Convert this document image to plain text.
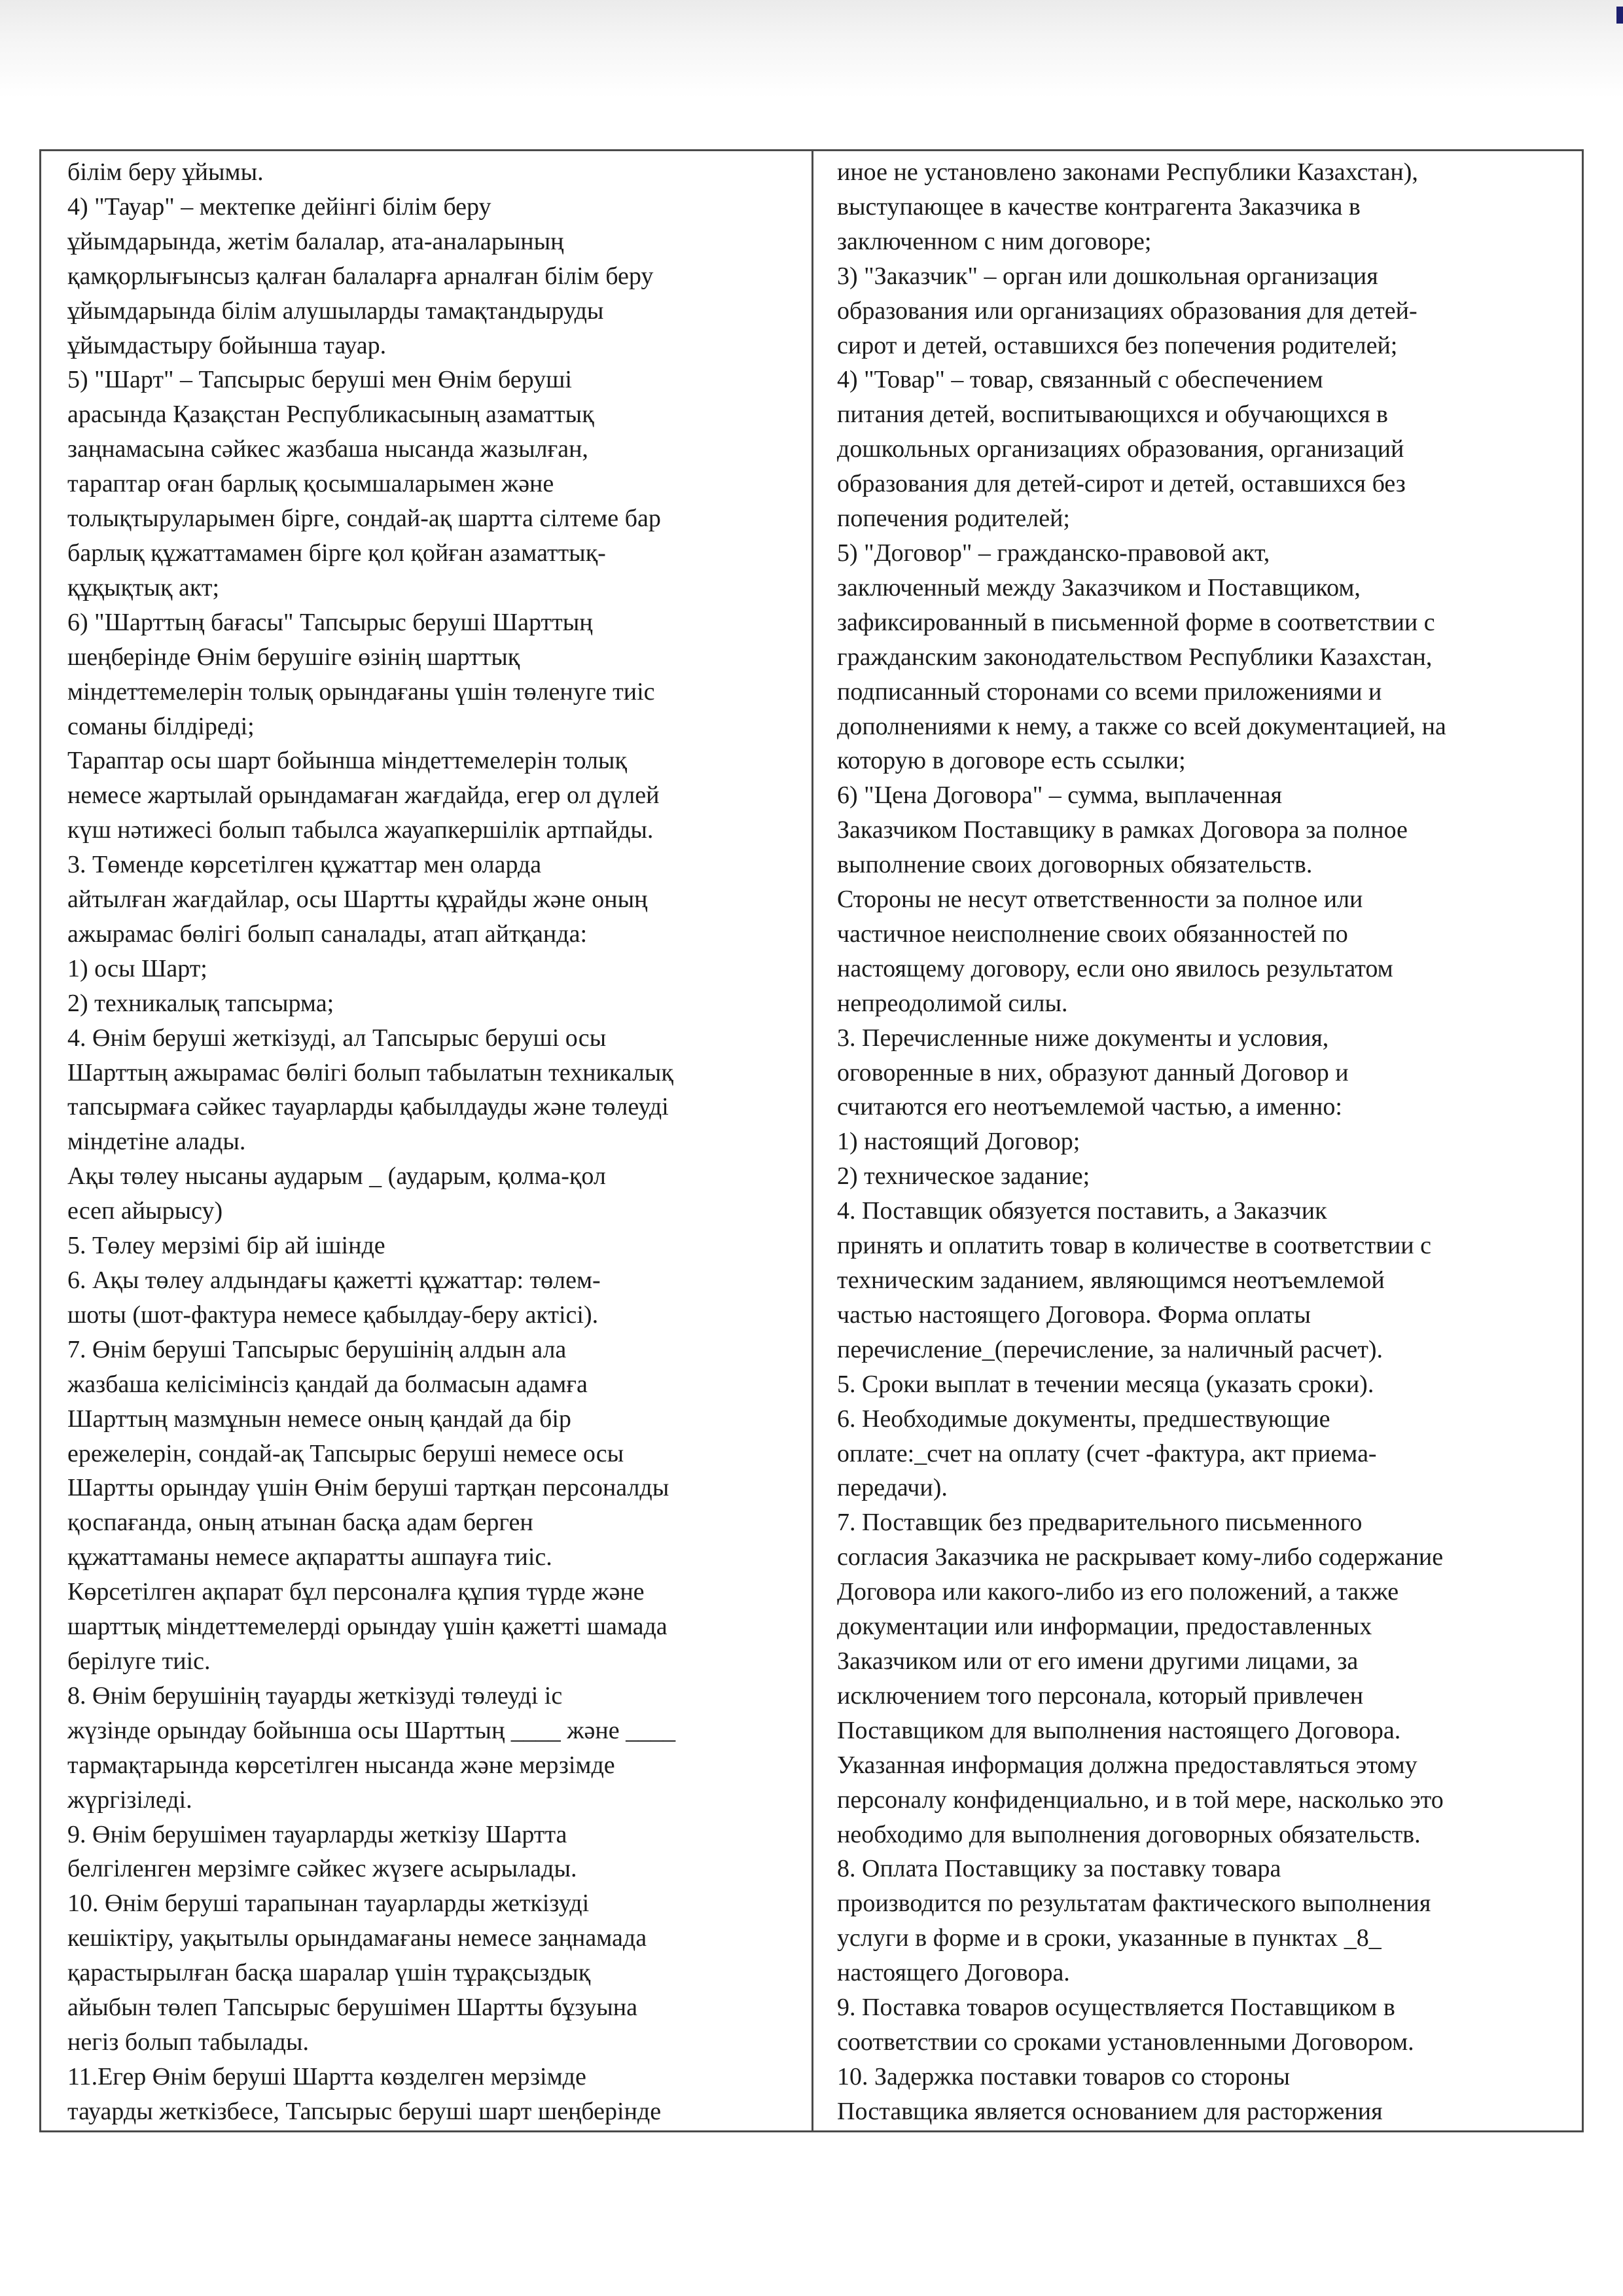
білім беру ұйымы.

4) "Тауар" – мектепке дейінгі білім беру

ұйымдарында, жетім балалар, ата-аналарының

қамқорлығынсыз қалған балаларға арналған білім беру

ұйымдарында білім алушыларды тамақтандыруды

ұйымдастыру бойынша тауар.

5) "Шарт" – Тапсырыс беруші мен Өнім беруші

арасында Қазақстан Республикасының азаматтық

заңнамасына сәйкес жазбаша нысанда жазылған,

тараптар оған барлық қосымшаларымен және

толықтыруларымен бірге, сондай-ақ шартта сілтеме бар

барлық құжаттамамен бірге қол қойған азаматтық-

құқықтық акт;

6) "Шарттың бағасы" Тапсырыс беруші Шарттың

шеңберінде Өнім берушіге өзінің шарттық

міндеттемелерін толық орындағаны үшін төленуге тиіс

соманы білдіреді;

Тараптар осы шарт бойынша міндеттемелерін толық

немесе жартылай орындамаған жағдайда, егер ол дүлей

күш нәтижесі болып табылса жауапкершілік артпайды.

3. Төменде көрсетілген құжаттар мен оларда

айтылған жағдайлар, осы Шартты құрайды және оның

ажырамас бөлігі болып саналады, атап айтқанда:

1) осы Шарт;

2) техникалық тапсырма;

4. Өнім беруші жеткізуді, ал Тапсырыс беруші осы

Шарттың ажырамас бөлігі болып табылатын техникалық

тапсырмаға сәйкес тауарларды қабылдауды және төлеуді

міндетіне алады.

Ақы төлеу нысаны аударым _ (аударым, қолма-қол

есеп айырысу)

5. Төлеу мерзімі бір ай ішінде

6. Ақы төлеу алдындағы қажетті құжаттар: төлем-

шоты (шот-фактура немесе қабылдау-беру актісі).

7. Өнім беруші Тапсырыс берушінің алдын ала

жазбаша келісімінсіз қандай да болмасын адамға

Шарттың мазмұнын немесе оның қандай да бір

ережелерін, сондай-ақ Тапсырыс беруші немесе осы

Шартты орындау үшін Өнім беруші тартқан персоналды

қоспағанда, оның атынан басқа адам берген

құжаттаманы немесе ақпаратты ашпауға тиіс.

Көрсетілген ақпарат бұл персоналға құпия түрде және

шарттық міндеттемелерді орындау үшін қажетті шамада

берілуге тиіс.

8. Өнім берушінің тауарды жеткізуді төлеуді іс

жүзінде орындау бойынша осы Шарттың ____ және ____

тармақтарында көрсетілген нысанда және мерзімде

жүргізіледі.

9. Өнім берушімен тауарларды жеткізу Шартта

белгіленген мерзімге сәйкес жүзеге асырылады.

10. Өнім беруші тарапынан тауарларды жеткізуді

кешіктіру, уақытылы орындамағаны немесе заңнамада

қарастырылған басқа шаралар үшін тұрақсыздық

айыбын төлеп Тапсырыс берушімен Шартты бұзуына

негіз болып табылады.

11.Егер Өнім беруші Шартта көзделген мерзімде

тауарды жеткізбесе, Тапсырыс беруші шарт шеңберінде

иное не установлено законами Республики Казахстан),

выступающее в качестве контрагента Заказчика в

заключенном с ним договоре;

3) "Заказчик" – орган или дошкольная организация

образования или организациях образования для детей-

сирот и детей, оставшихся без попечения родителей;

4) "Товар" – товар, связанный с обеспечением

питания детей, воспитывающихся и обучающихся в

дошкольных организациях образования, организаций

образования для детей-сирот и детей, оставшихся без

попечения родителей;

5) "Договор" – гражданско-правовой акт,

заключенный между Заказчиком и Поставщиком,

зафиксированный в письменной форме в соответствии с

гражданским законодательством Республики Казахстан,

подписанный сторонами со всеми приложениями и

дополнениями к нему, а также со всей документацией, на

которую в договоре есть ссылки;

6) "Цена Договора" – сумма, выплаченная

Заказчиком Поставщику в рамках Договора за полное

выполнение своих договорных обязательств.

Стороны не несут ответственности за полное или

частичное неисполнение своих обязанностей по

настоящему договору, если оно явилось результатом

непреодолимой силы.

3. Перечисленные ниже документы и условия,

оговоренные в них, образуют данный Договор и

считаются его неотъемлемой частью, а именно:

1) настоящий Договор;

2) техническое задание;

4. Поставщик обязуется поставить, а Заказчик

принять и оплатить товар в количестве в соответствии с

техническим заданием, являющимся неотъемлемой

частью настоящего Договора. Форма оплаты

перечисление_(перечисление, за наличный расчет).

5. Сроки выплат в течении месяца (указать сроки).

6. Необходимые документы, предшествующие

оплате:_счет на оплату (счет -фактура, акт приема-

передачи).

7. Поставщик без предварительного письменного

согласия Заказчика не раскрывает кому-либо содержание

Договора или какого-либо из его положений, а также

документации или информации, предоставленных

Заказчиком или от его имени другими лицами, за

исключением того персонала, который привлечен

Поставщиком для выполнения настоящего Договора.

Указанная информация должна предоставляться этому

персоналу конфиденциально, и в той мере, насколько это

необходимо для выполнения договорных обязательств.

8. Оплата Поставщику за поставку товара

производится по результатам фактического выполнения

услуги в форме и в сроки, указанные в пунктах _8_

настоящего Договора.

9. Поставка товаров осуществляется Поставщиком в

соответствии со сроками установленными Договором.

10. Задержка поставки товаров со стороны

Поставщика является основанием для расторжения
